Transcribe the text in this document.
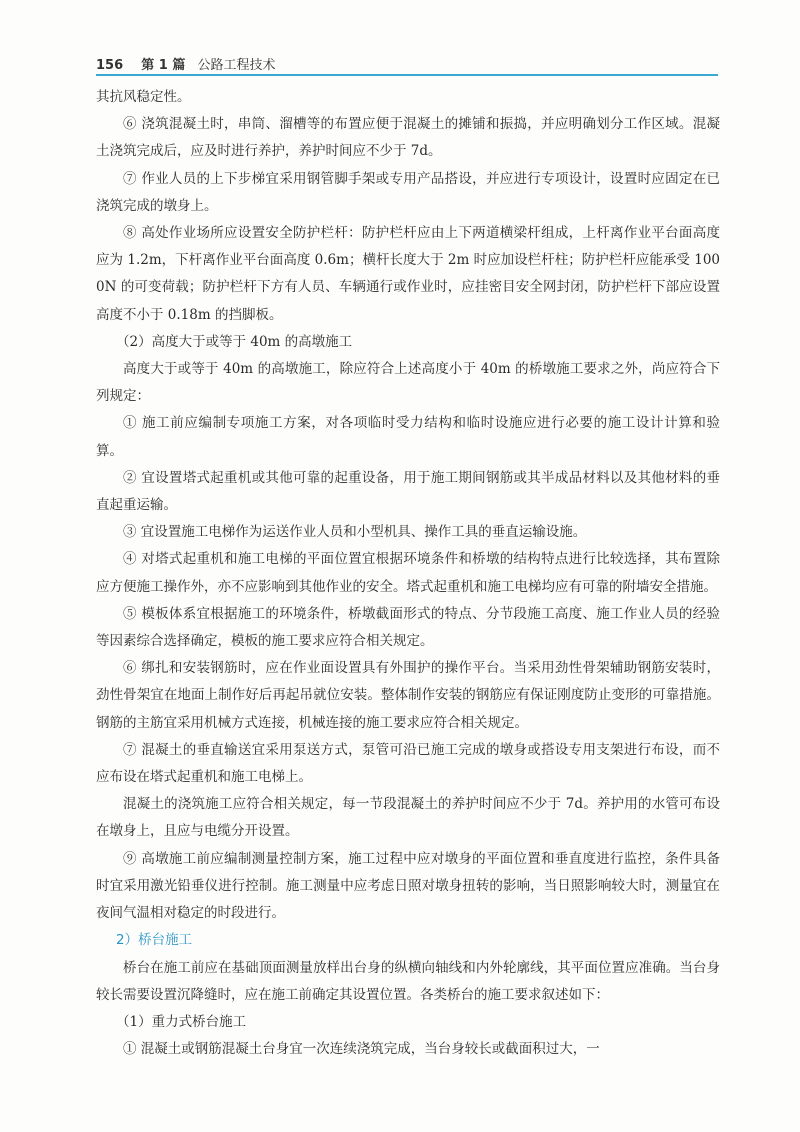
156 第 1 篇 公路工程技术

其抗风稳定性。

⑥ 浇筑混凝土时，串筒、溜槽等的布置应便于混凝土的摊铺和振捣，并应明确划分工作区域。混凝土浇筑完成后，应及时进行养护，养护时间应不少于 7d。

⑦ 作业人员的上下步梯宜采用钢管脚手架或专用产品搭设，并应进行专项设计，设置时应固定在已浇筑完成的墩身上。

⑧ 高处作业场所应设置安全防护栏杆：防护栏杆应由上下两道横梁杆组成，上杆离作业平台面高度应为 1.2m，下杆离作业平台面高度 0.6m；横杆长度大于 2m 时应加设栏杆柱；防护栏杆应能承受 1000N 的可变荷载；防护栏杆下方有人员、车辆通行或作业时，应挂密目安全网封闭，防护栏杆下部应设置高度不小于 0.18m 的挡脚板。

（2）高度大于或等于 40m 的高墩施工

高度大于或等于 40m 的高墩施工，除应符合上述高度小于 40m 的桥墩施工要求之外，尚应符合下列规定：

① 施工前应编制专项施工方案，对各项临时受力结构和临时设施应进行必要的施工设计计算和验算。

② 宜设置塔式起重机或其他可靠的起重设备，用于施工期间钢筋或其半成品材料以及其他材料的垂直起重运输。

③ 宜设置施工电梯作为运送作业人员和小型机具、操作工具的垂直运输设施。

④ 对塔式起重机和施工电梯的平面位置宜根据环境条件和桥墩的结构特点进行比较选择，其布置除应方便施工操作外，亦不应影响到其他作业的安全。塔式起重机和施工电梯均应有可靠的附墙安全措施。

⑤ 模板体系宜根据施工的环境条件，桥墩截面形式的特点、分节段施工高度、施工作业人员的经验等因素综合选择确定，模板的施工要求应符合相关规定。

⑥ 绑扎和安装钢筋时，应在作业面设置具有外围护的操作平台。当采用劲性骨架辅助钢筋安装时，劲性骨架宜在地面上制作好后再起吊就位安装。整体制作安装的钢筋应有保证刚度防止变形的可靠措施。钢筋的主筋宜采用机械方式连接，机械连接的施工要求应符合相关规定。

⑦ 混凝土的垂直输送宜采用泵送方式，泵管可沿已施工完成的墩身或搭设专用支架进行布设，而不应布设在塔式起重机和施工电梯上。

混凝土的浇筑施工应符合相关规定，每一节段混凝土的养护时间应不少于 7d。养护用的水管可布设在墩身上，且应与电缆分开设置。

⑨ 高墩施工前应编制测量控制方案，施工过程中应对墩身的平面位置和垂直度进行监控，条件具备时宜采用激光铅垂仪进行控制。施工测量中应考虑日照对墩身扭转的影响，当日照影响较大时，测量宜在夜间气温相对稳定的时段进行。

2）桥台施工

桥台在施工前应在基础顶面测量放样出台身的纵横向轴线和内外轮廓线，其平面位置应准确。当台身较长需要设置沉降缝时，应在施工前确定其设置位置。各类桥台的施工要求叙述如下：

（1）重力式桥台施工

① 混凝土或钢筋混凝土台身宜一次连续浇筑完成，当台身较长或截面积过大，一
